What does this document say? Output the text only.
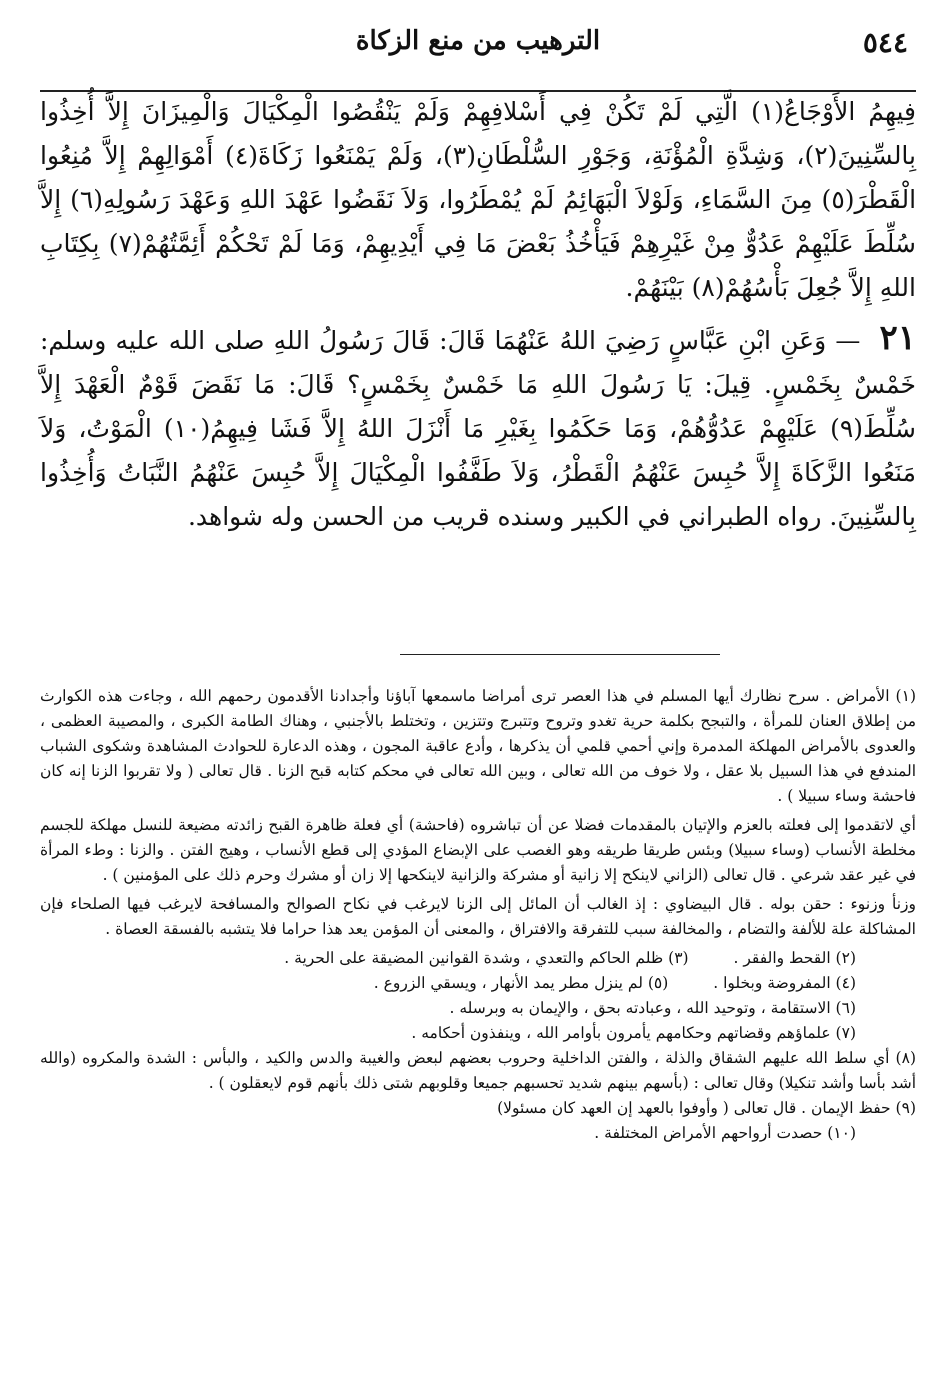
٥٤٤
الترهيب من منع الزكاة

فِيهِمُ الأَوْجَاعُ(١) الَّتِي لَمْ تَكُنْ فِي أَسْلافِهِمْ وَلَمْ يَنْقُصُوا الْمِكْيَالَ وَالْمِيزَانَ إِلاَّ أُخِذُوا بِالسِّنِينَ(٢)، وَشِدَّةِ الْمُؤْنَةِ، وَجَوْرِ السُّلْطَانِ(٣)، وَلَمْ يَمْنَعُوا زَكَاةَ(٤) أَمْوَالِهِمْ إِلاَّ مُنِعُوا الْقَطْرَ(٥) مِنَ السَّمَاءِ، وَلَوْلاَ الْبَهَائِمُ لَمْ يُمْطَرُوا، وَلاَ نَقَضُوا عَهْدَ اللهِ وَعَهْدَ رَسُولِهِ(٦) إِلاَّ سُلِّطَ عَلَيْهِمْ عَدُوٌّ مِنْ غَيْرِهِمْ فَيَأْخُذُ بَعْضَ مَا فِي أَيْدِيهِمْ، وَمَا لَمْ تَحْكُمْ أَئِمَّتُهُمْ(٧) بِكِتَابِ اللهِ إِلاَّ جُعِلَ بَأْسُهُمْ(٨) بَيْنَهُمْ.

٢١ — وَعَنِ ابْنِ عَبَّاسٍ رَضِيَ اللهُ عَنْهُمَا قَالَ: قَالَ رَسُولُ اللهِ صلى الله عليه وسلم: خَمْسٌ بِخَمْسٍ. قِيلَ: يَا رَسُولَ اللهِ مَا خَمْسٌ بِخَمْسٍ؟ قَالَ: مَا نَقَضَ قَوْمٌ الْعَهْدَ إِلاَّ سُلِّطَ(٩) عَلَيْهِمْ عَدُوُّهُمْ، وَمَا حَكَمُوا بِغَيْرِ مَا أَنْزَلَ اللهُ إِلاَّ فَشَا فِيهِمُ(١٠) الْمَوْتُ، وَلاَ مَنَعُوا الزَّكَاةَ إِلاَّ حُبِسَ عَنْهُمُ الْقَطْرُ، وَلاَ طَفَّفُوا الْمِكْيَالَ إِلاَّ حُبِسَ عَنْهُمُ النَّبَاتُ وَأُخِذُوا بِالسِّنِينَ. رواه الطبراني في الكبير وسنده قريب من الحسن وله شواهد.

(١) الأمراض . سرح نظارك أيها المسلم في هذا العصر ترى أمراضا ماسمعها آباؤنا وأجدادنا الأقدمون رحمهم الله ، وجاءت هذه الكوارث من إطلاق العنان للمرأة ، والتبجح بكلمة حرية تغدو وتروح وتتبرج وتتزين ، وتختلط بالأجنبي ، وهناك الطامة الكبرى ، والمصيبة العظمى ، والعدوى بالأمراض المهلكة المدمرة وإني أحمي قلمي أن يذكرها ، وأدع عاقبة المجون ، وهذه الدعارة للحوادث المشاهدة وشكوى الشباب المندفع في هذا السبيل بلا عقل ، ولا خوف من الله تعالى ، وبين الله تعالى في محكم كتابه قبح الزنا . قال تعالى ( ولا تقربوا الزنا إنه كان فاحشة وساء سبيلا ) .

أي لاتقدموا إلى فعلته بالعزم والإتيان بالمقدمات فضلا عن أن تباشروه (فاحشة) أي فعلة ظاهرة القبح زائدته مضيعة للنسل مهلكة للجسم مخلطة الأنساب (وساء سبيلا) وبئس طريقا طريقه وهو الغصب على الإبضاع المؤدي إلى قطع الأنساب ، وهيج الفتن . والزنا : وطء المرأة في غير عقد شرعي . قال تعالى (الزاني لاينكح إلا زانية أو مشركة والزانية لاينكحها إلا زان أو مشرك وحرم ذلك على المؤمنين ) .

وزنأ وزنوء : حقن بوله . قال البيضاوي : إذ الغالب أن المائل إلى الزنا لايرغب في نكاح الصوالح والمسافحة لايرغب فيها الصلحاء فإن المشاكلة علة للألفة والتضام ، والمخالفة سبب للتفرقة والافتراق ، والمعنى أن المؤمن يعد هذا حراما فلا يتشبه بالفسقة العصاة .

(٢) القحط والفقر . (٣) ظلم الحاكم والتعدي ، وشدة القوانين المضيقة على الحرية .
(٤) المفروضة وبخلوا . (٥) لم ينزل مطر يمد الأنهار ، ويسقي الزروع .
(٦) الاستقامة ، وتوحيد الله ، وعبادته بحق ، والإيمان به وبرسله .
(٧) علماؤهم وقضاتهم وحكامهم يأمرون بأوامر الله ، وينفذون أحكامه .
(٨) أي سلط الله عليهم الشقاق والذلة ، والفتن الداخلية وحروب بعضهم لبعض والغيبة والدس والكيد ، والبأس : الشدة والمكروه (والله أشد بأسا وأشد تنكيلا) وقال تعالى : (بأسهم بينهم شديد تحسبهم جميعا وقلوبهم شتى ذلك بأنهم قوم لايعقلون ) .
(٩) حفظ الإيمان . قال تعالى ( وأوفوا بالعهد إن العهد كان مسئولا)
(١٠) حصدت أرواحهم الأمراض المختلفة .
